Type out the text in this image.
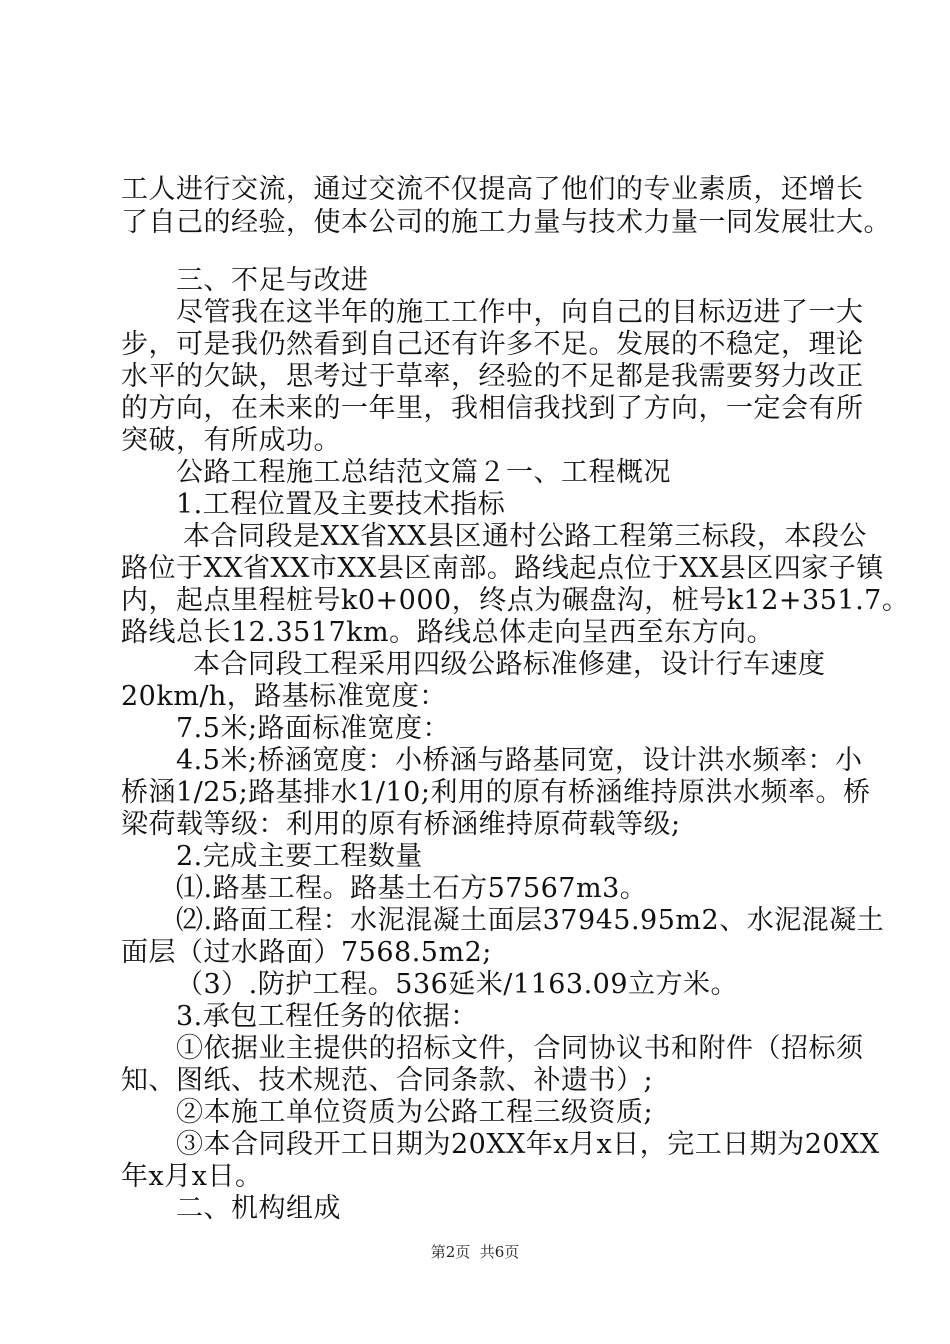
工人进行交流，通过交流不仅提高了他们的专业素质，还增长
了自己的经验，使本公司的施工力量与技术力量一同发展壮大。
三、不足与改进
尽管我在这半年的施工工作中，向自己的目标迈进了一大
步，可是我仍然看到自己还有许多不足。发展的不稳定，理论
水平的欠缺，思考过于草率，经验的不足都是我需要努力改正
的方向，在未来的一年里，我相信我找到了方向，一定会有所
突破，有所成功。
公路工程施工总结范文篇２一、工程概况
1.工程位置及主要技术指标
本合同段是XX省XX县区通村公路工程第三标段，本段公
路位于XX省XX市XX县区南部。路线起点位于XX县区四家子镇
内，起点里程桩号k0+000，终点为碾盘沟，桩号k12+351.7。
路线总长12.3517km。路线总体走向呈西至东方向。
本合同段工程采用四级公路标准修建，设计行车速度
20km/h，路基标准宽度：
7.5米;路面标准宽度：
4.5米;桥涵宽度：小桥涵与路基同宽，设计洪水频率：小
桥涵1/25;路基排水1/10;利用的原有桥涵维持原洪水频率。桥
梁荷载等级：利用的原有桥涵维持原荷载等级;
2.完成主要工程数量
⑴.路基工程。路基土石方57567m3。
⑵.路面工程：水泥混凝土面层37945.95m2、水泥混凝土
面层（过水路面）7568.5m2;
（3）.防护工程。536延米/1163.09立方米。
3.承包工程任务的依据：
①依据业主提供的招标文件，合同协议书和附件（招标须
知、图纸、技术规范、合同条款、补遗书）;
②本施工单位资质为公路工程三级资质;
③本合同段开工日期为20XX年x月x日，完工日期为20XX
年x月x日。
二、机构组成
第2页  共6页
